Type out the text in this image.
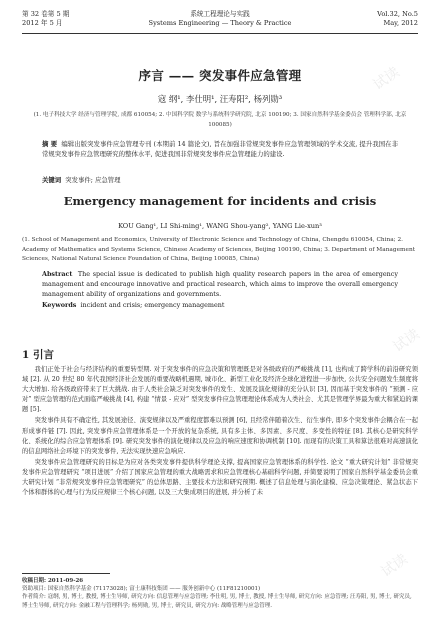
试读
试读
试读
第 32 卷第 5 期
2012 年 5 月
系统工程理论与实践
Systems Engineering — Theory & Practice
Vol.32, No.5
May, 2012
序言 —— 突发事件应急管理
寇 纲¹, 李仕明¹, 汪寿阳², 杨列勋³
(1. 电子科技大学 经济与管理学院, 成都 610054; 2. 中国科学院 数学与系统科学研究院, 北京 100190; 3. 国家自然科学基金委员会 管理科学部, 北京 100085)
摘 要 编辑出版突发事件应急管理专刊 (本期前 14 篇论文), 旨在加强非常规突发事件应急管理领域的学术交流, 提升我国在非常规突发事件应急管理研究的整体水平, 促进我国非常规突发事件应急管理能力的建设.
关键词 突发事件; 应急管理
Emergency management for incidents and crisis
KOU Gang¹, LI Shi-ming¹, WANG Shou-yang², YANG Lie-xun³
(1. School of Management and Economics, University of Electronic Science and Technology of China, Chengdu 610054, China; 2. Academy of Mathematics and Systems Science, Chinese Academy of Sciences, Beijing 100190, China; 3. Department of Management Sciences, National Natural Science Foundation of China, Beijing 100085, China)
Abstract The special issue is dedicated to publish high quality research papers in the area of emergency management and encourage innovative and practical research, which aims to improve the overall emergency management ability of organizations and governments.
Keywords incident and crisis; emergency management
1 引言

我们正处于社会与经济结构的重要转型期. 对于突发事件的应急决策和管理既是对各级政府的严峻挑战 [1], 也构成了跨学科的前沿研究领域 [2]. 从 20 世纪 80 年代我国经济社会发展的重要战略机遇期, 城市化、新型工业化及经济全球化进程进一步加快, 公共安全问题发生频度将大大增加. 给各级政府带来了巨大挑战. 由于人类社会缺乏对突发事件的发生、发展及演化规律的充分认识 [3], 因而基于突发事件的 “预测 - 应对” 型应急管理的范式面临严峻挑战 [4], 构建 “情景 - 应对” 型突发事件应急管理理论体系成为人类社会、尤其是管理学界最为重大和紧迫的课题 [5].

突发事件具有不确定性, 其发展途径、演变规律以及严重程度都难以预测 [6], 且经常伴随着次生、衍生事件, 即多个突发事件会耦合在一起形成事件链 [7]. 因此, 突发事件应急管理体系是一个开放的复杂系统, 具有多主体、多因素、多尺度、多变性的特征 [8]. 其核心是研究科学化、系统化的综合应急管理体系 [9]. 研究突发事件的演化规律以及应急的响应速度和协调机制 [10]. 而现有的决策工具和算法很难对高速演化的信息网络社会环境下的突发事件, 无法实现快速应急响应.

突发事件应急管理研究的目标是为应对各类突发事件提供科学理论支撑, 提高国家应急管理体系的科学性. 论文 “重大研究计划” 非常规突发事件应急管理研究 “项目进展” 介绍了国家应急管理的重大战略需求和应急管理核心基础科学问题, 并简要说明了国家自然科学基金委员会重大研究计划 “非常规突发事件应急管理研究” 的总体思路、主要技术方法和研究预期. 概述了信息处理与演化建模、应急决策理论、紧急状态下个体和群体的心理与行为反应规律三个核心问题, 以及三大集成项目的进展, 并分析了未

收稿日期: 2011-09-26
资助项目: 国家自然科学基金 (71173028); 富士康科技集团 —— 服务创新中心 (11F81210001)
作者简介: 寇纲, 男, 博士, 教授, 博士生导师, 研究方向: 信息管理与应急管理; 李仕明, 男, 博士, 教授, 博士生导师, 研究方向: 应急管理; 汪寿阳, 男, 博士, 研究员, 博士生导师, 研究方向: 金融工程与管理科学; 杨列勋, 男, 博士, 研究员, 研究方向: 战略管理与应急管理.
